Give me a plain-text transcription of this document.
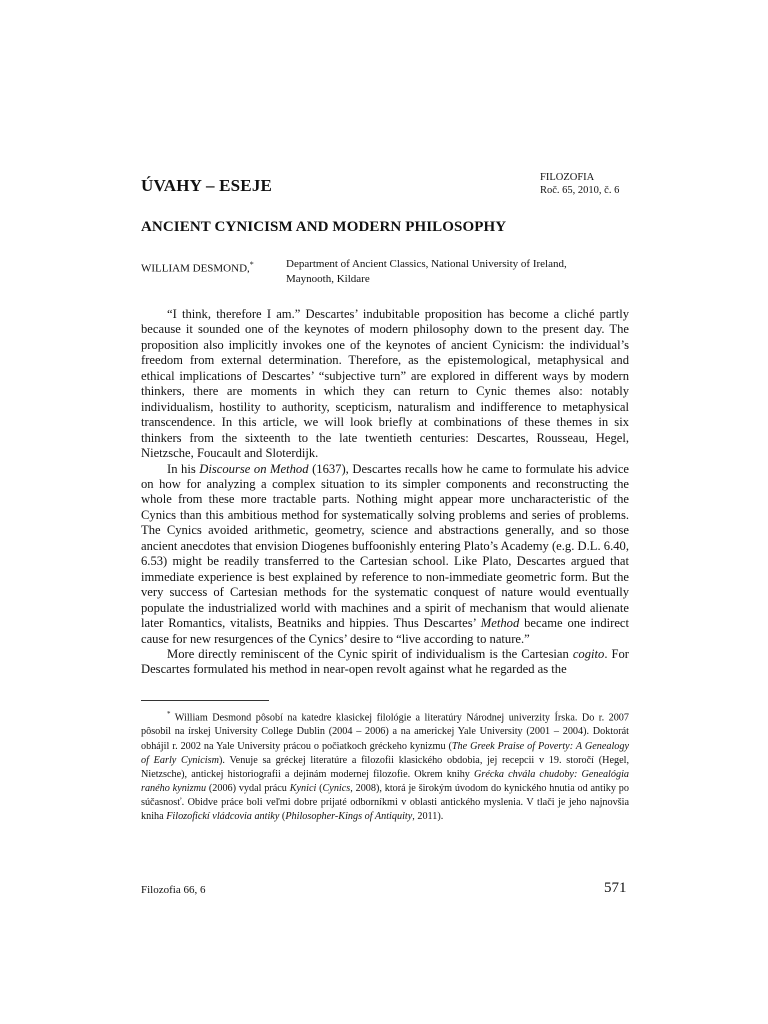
ÚVAHY – ESEJE	FILOZOFIA
Roč. 65, 2010, č. 6
ANCIENT CYNICISM AND MODERN PHILOSOPHY
WILLIAM DESMOND,*	Department of Ancient Classics, National University of Ireland,
Maynooth, Kildare

“I think, therefore I am.” Descartes’ indubitable proposition has become a cliché partly because it sounded one of the keynotes of modern philosophy down to the present day. The proposition also implicitly invokes one of the keynotes of ancient Cynicism: the individual’s freedom from external determination. Therefore, as the epistemological, metaphysical and ethical implications of Descartes’ “subjective turn” are explored in different ways by modern thinkers, there are moments in which they can return to Cynic themes also: notably individualism, hostility to authority, scepticism, naturalism and indifference to metaphysical transcendence. In this article, we will look briefly at combinations of these themes in six thinkers from the sixteenth to the late twentieth centuries: Descartes, Rousseau, Hegel, Nietzsche, Foucault and Sloterdijk.

In his Discourse on Method (1637), Descartes recalls how he came to formulate his advice on how for analyzing a complex situation to its simpler components and reconstructing the whole from these more tractable parts. Nothing might appear more uncharacteristic of the Cynics than this ambitious method for systematically solving problems and series of problems. The Cynics avoided arithmetic, geometry, science and abstractions generally, and so those ancient anecdotes that envision Diogenes buffoonishly entering Plato’s Academy (e.g. D.L. 6.40, 6.53) might be readily transferred to the Cartesian school. Like Plato, Descartes argued that immediate experience is best explained by reference to non-immediate geometric form. But the very success of Cartesian methods for the systematic conquest of nature would eventually populate the industrialized world with machines and a spirit of mechanism that would alienate later Romantics, vitalists, Beatniks and hippies. Thus Descartes’ Method became one indirect cause for new resurgences of the Cynics’ desire to “live according to nature.”

More directly reminiscent of the Cynic spirit of individualism is the Cartesian cogito. For Descartes formulated his method in near-open revolt against what he regarded as the

* William Desmond pôsobí na katedre klasickej filológie a literatúry Národnej univerzity Írska. Do r. 2007 pôsobil na írskej University College Dublin (2004 – 2006) a na americkej Yale University (2001 – 2004). Doktorát obhájil r. 2002 na Yale University prácou o počiatkoch gréckeho kynizmu (The Greek Praise of Poverty: A Genealogy of Early Cynicism). Venuje sa gréckej literatúre a filozofii klasického obdobia, jej recepcii v 19. storočí (Hegel, Nietzsche), antickej historiografii a dejinám modernej filozofie. Okrem knihy Grécka chvála chudoby: Genealógia raného kynizmu (2006) vydal prácu Kynici (Cynics, 2008), ktorá je širokým úvodom do kynického hnutia od antiky po súčasnosť. Obidve práce boli veľmi dobre prijaté odborníkmi v oblasti antického myslenia. V tlači je jeho najnovšia kniha Filozofickí vládcovia antiky (Philosopher-Kings of Antiquity, 2011).
Filozofia 66, 6	571
